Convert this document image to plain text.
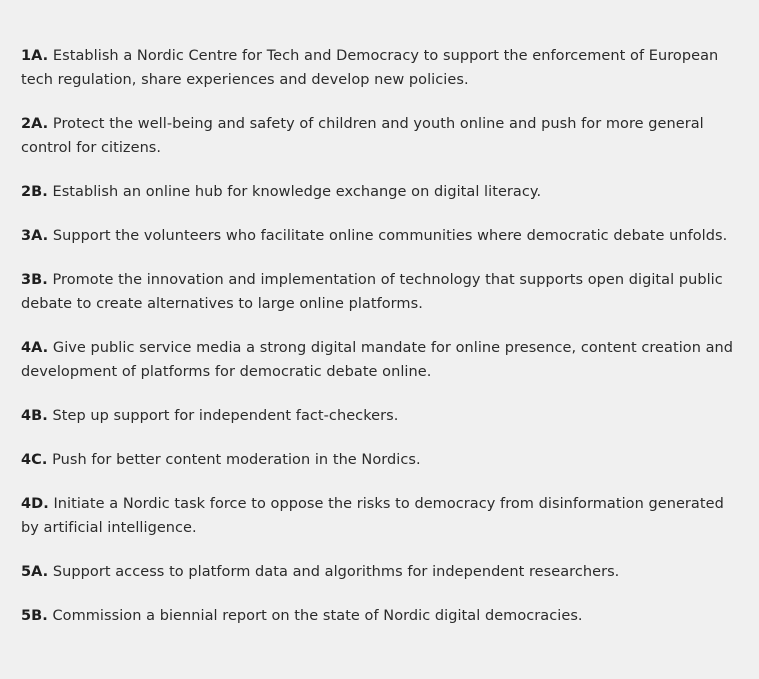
1A. Establish a Nordic Centre for Tech and Democracy to support the enforcement of European tech regulation, share experiences and develop new policies.

2A. Protect the well-being and safety of children and youth online and push for more general control for citizens.

2B. Establish an online hub for knowledge exchange on digital literacy.

3A. Support the volunteers who facilitate online communities where democratic debate unfolds.

3B. Promote the innovation and implementation of technology that supports open digital public debate to create alternatives to large online platforms.

4A. Give public service media a strong digital mandate for online presence, content creation and development of platforms for democratic debate online.

4B. Step up support for independent fact-checkers.

4C. Push for better content moderation in the Nordics.

4D. Initiate a Nordic task force to oppose the risks to democracy from disinformation generated by artificial intelligence.

5A. Support access to platform data and algorithms for independent researchers.

5B. Commission a biennial report on the state of Nordic digital democracies.
